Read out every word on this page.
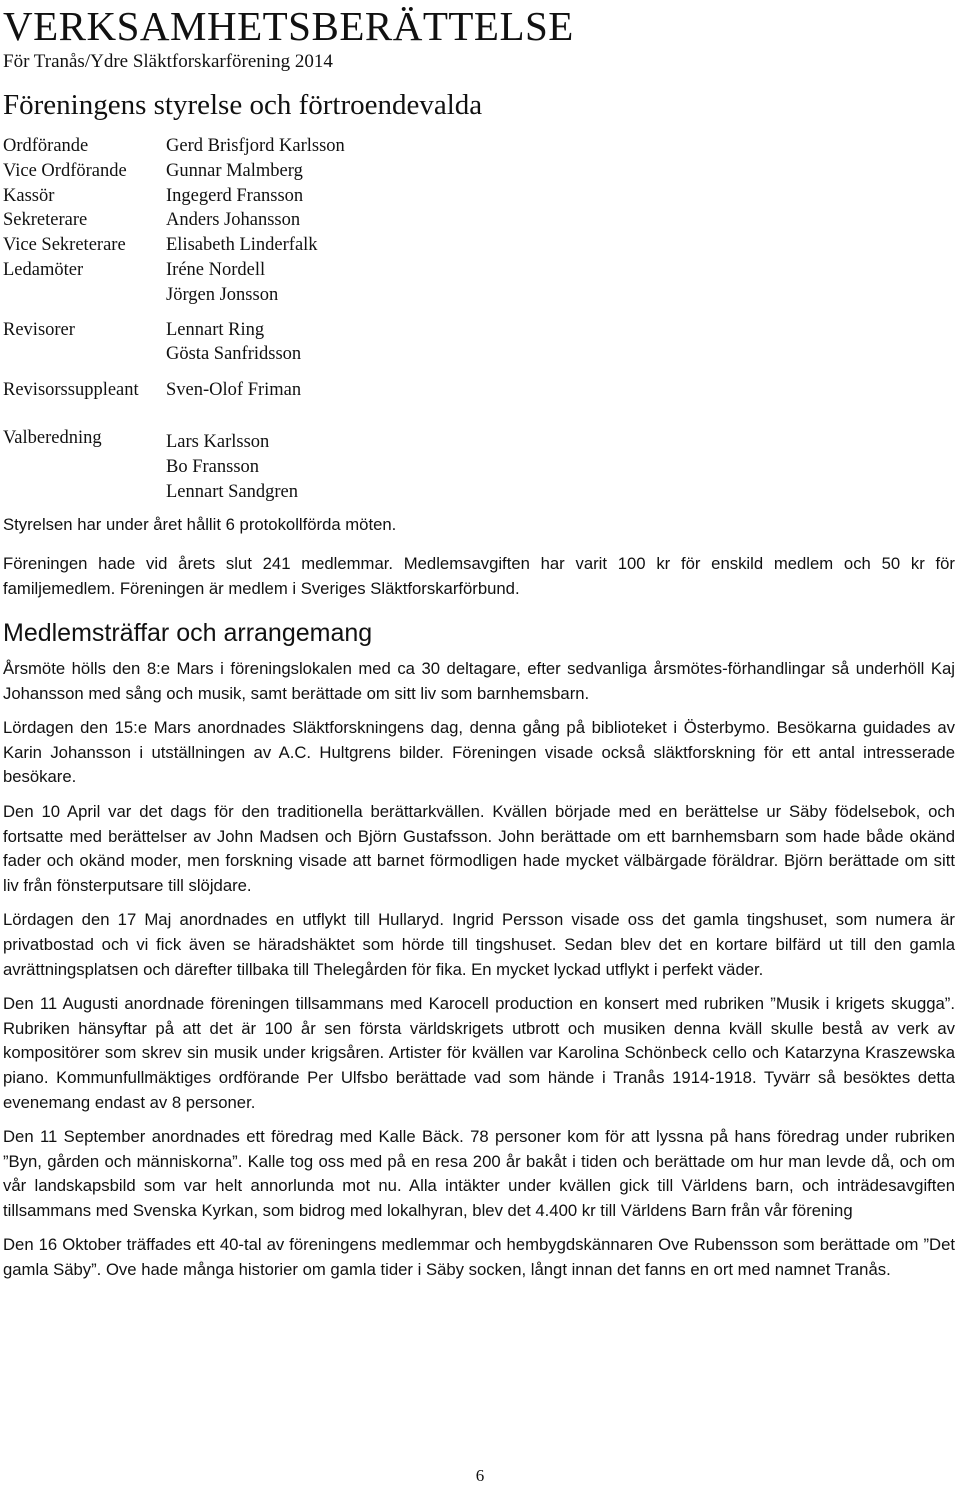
VERKSAMHETSBERÄTTELSE
För Tranås/Ydre Släktforskarförening 2014
Föreningens styrelse och förtroendevalda
Ordförande	Gerd Brisfjord Karlsson
Vice Ordförande	Gunnar Malmberg
Kassör	Ingegerd Fransson
Sekreterare	Anders Johansson
Vice Sekreterare	Elisabeth Linderfalk
Ledamöter	Iréne Nordell
Jörgen Jonsson
Revisorer	Lennart Ring
Gösta Sanfridsson
Revisorssuppleant	Sven-Olof Friman
Valberedning	Lars Karlsson
Bo Fransson
Lennart Sandgren
Styrelsen har under året hållit 6 protokollförda möten.
Föreningen hade vid årets slut 241 medlemmar. Medlemsavgiften har varit 100 kr för enskild medlem och 50 kr för familjemedlem. Föreningen är medlem i Sveriges Släktforskarförbund.
Medlemsträffar och arrangemang

Årsmöte hölls den 8:e Mars i föreningslokalen med ca 30 deltagare, efter sedvanliga årsmötes-förhandlingar så underhöll Kaj Johansson med sång och musik, samt berättade om sitt liv som barnhemsbarn.

Lördagen den 15:e Mars anordnades Släktforskningens dag, denna gång på biblioteket i Österbymo. Besökarna guidades av Karin Johansson i utställningen av A.C. Hultgrens bilder. Föreningen visade också släktforskning för ett antal intresserade besökare.

Den 10 April var det dags för den traditionella berättarkvällen. Kvällen började med en berättelse ur Säby födelsebok, och fortsatte med berättelser av John Madsen och Björn Gustafsson. John berättade om ett barnhemsbarn som hade både okänd fader och okänd moder, men forskning visade att barnet förmodligen hade mycket välbärgade föräldrar. Björn berättade om sitt liv från fönsterputsare till slöjdare.

Lördagen den 17 Maj anordnades en utflykt till Hullaryd. Ingrid Persson visade oss det gamla tingshuset, som numera är privatbostad och vi fick även se häradshäktet som hörde till tingshuset. Sedan blev det en kortare bilfärd ut till den gamla avrättningsplatsen och därefter tillbaka till Thelegården för fika. En mycket lyckad utflykt i perfekt väder.

Den 11 Augusti anordnade föreningen tillsammans med Karocell production en konsert med rubriken ”Musik i krigets skugga”. Rubriken hänsyftar på att det är 100 år sen första världskrigets utbrott och musiken denna kväll skulle bestå av verk av kompositörer som skrev sin musik under krigsåren. Artister för kvällen var Karolina Schönbeck cello och Katarzyna Kraszewska piano. Kommunfullmäktiges ordförande Per Ulfsbo berättade vad som hände i Tranås 1914-1918. Tyvärr så besöktes detta evenemang endast av 8 personer.

Den 11 September anordnades ett föredrag med Kalle Bäck. 78 personer kom för att lyssna på hans föredrag under rubriken ”Byn, gården och människorna”. Kalle tog oss med på en resa 200 år bakåt i tiden och berättade om hur man levde då, och om vår landskapsbild som var helt annorlunda mot nu. Alla intäkter under kvällen gick till Världens barn, och inträdesavgiften tillsammans med Svenska Kyrkan, som bidrog med lokalhyran, blev det 4.400 kr till Världens Barn från vår förening

Den 16 Oktober träffades ett 40-tal av föreningens medlemmar och hembygdskännaren Ove Rubensson som berättade om ”Det gamla Säby”. Ove hade många historier om gamla tider i Säby socken, långt innan det fanns en ort med namnet Tranås.

6
